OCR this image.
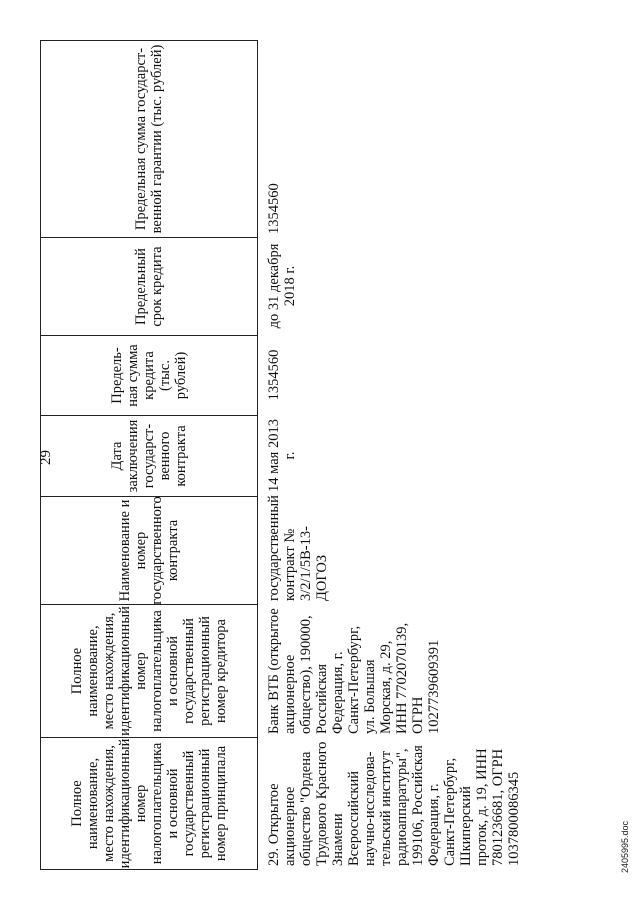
29
Полное наименование, место нахождения, идентификационный номер налогоплательщика и основной государственный регистрационный номер принципала
Полное наименование, место нахождения, идентификационный номер налогоплательщика и основной государственный регистрационный номер кредитора
Наименование и номер государственного контракта
Дата заключения государст-венного контракта
Предель-ная сумма кредита (тыс. рублей)
Предельный срок кредита
Предельная сумма государст-венной гарантии (тыс. рублей)
29. Открытое акционерное общество "Ордена Трудового Красного Знамени Всероссийский научно-исследова-тельский институт радиоаппаратуры", 199106, Российская Федерация, г. Санкт-Петербург, Шкиперский проток, д. 19, ИНН 7801236681, ОГРН 1037800086345
Банк ВТБ (открытое акционерное общество), 190000, Российская Федерация, г. Санкт-Петербург, ул. Большая Морская, д. 29, ИНН 7702070139, ОГРН 1027739609391
государственный контракт № 3/2/1/5В-13-ДОГОЗ
14 мая 2013 г.
1354560
до 31 декабря 2018 г.
1354560
2405995.doc
